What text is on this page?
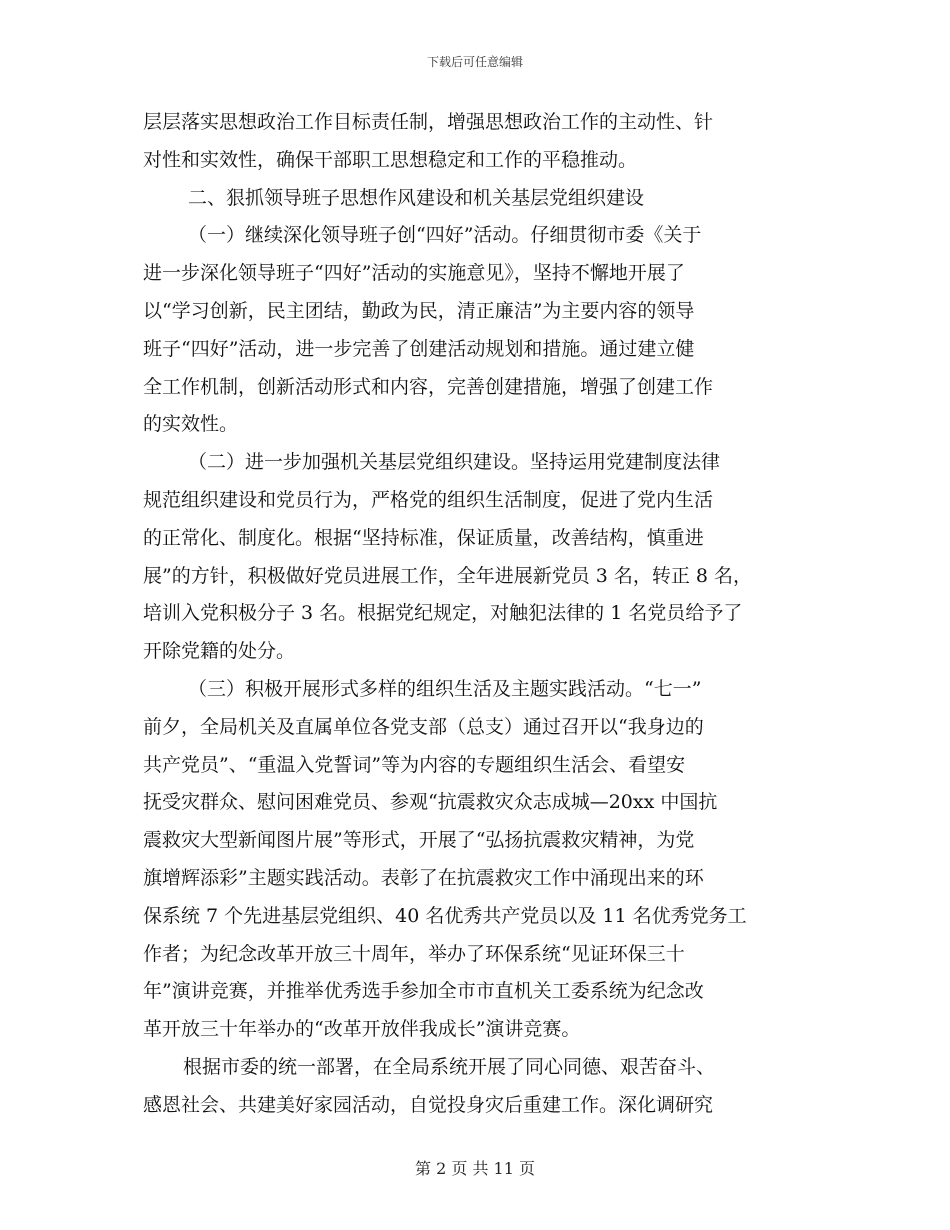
下载后可任意编辑
层层落实思想政治工作目标责任制，增强思想政治工作的主动性、针
对性和实效性，确保干部职工思想稳定和工作的平稳推动。
二、狠抓领导班子思想作风建设和机关基层党组织建设
（一）继续深化领导班子创“四好”活动。仔细贯彻市委《关于
进一步深化领导班子“四好”活动的实施意见》，坚持不懈地开展了
以“学习创新，民主团结，勤政为民，清正廉洁”为主要内容的领导
班子“四好”活动，进一步完善了创建活动规划和措施。通过建立健
全工作机制，创新活动形式和内容，完善创建措施，增强了创建工作
的实效性。
（二）进一步加强机关基层党组织建设。坚持运用党建制度法律
规范组织建设和党员行为，严格党的组织生活制度，促进了党内生活
的正常化、制度化。根据“坚持标准，保证质量，改善结构，慎重进
展”的方针，积极做好党员进展工作，全年进展新党员 3 名，转正 8 名，
培训入党积极分子 3 名。根据党纪规定，对触犯法律的 1 名党员给予了
开除党籍的处分。
（三）积极开展形式多样的组织生活及主题实践活动。“七一”
前夕，全局机关及直属单位各党支部（总支）通过召开以“我身边的
共产党员”、“重温入党誓词”等为内容的专题组织生活会、看望安
抚受灾群众、慰问困难党员、参观“抗震救灾众志成城—20xx 中国抗
震救灾大型新闻图片展”等形式，开展了“弘扬抗震救灾精神，为党
旗增辉添彩”主题实践活动。表彰了在抗震救灾工作中涌现出来的环
保系统 7 个先进基层党组织、40 名优秀共产党员以及 11 名优秀党务工
作者；为纪念改革开放三十周年，举办了环保系统“见证环保三十
年”演讲竞赛，并推举优秀选手参加全市市直机关工委系统为纪念改
革开放三十年举办的“改革开放伴我成长”演讲竞赛。
根据市委的统一部署，在全局系统开展了同心同德、艰苦奋斗、
感恩社会、共建美好家园活动，自觉投身灾后重建工作。深化调研究
第 2 页 共 11 页
